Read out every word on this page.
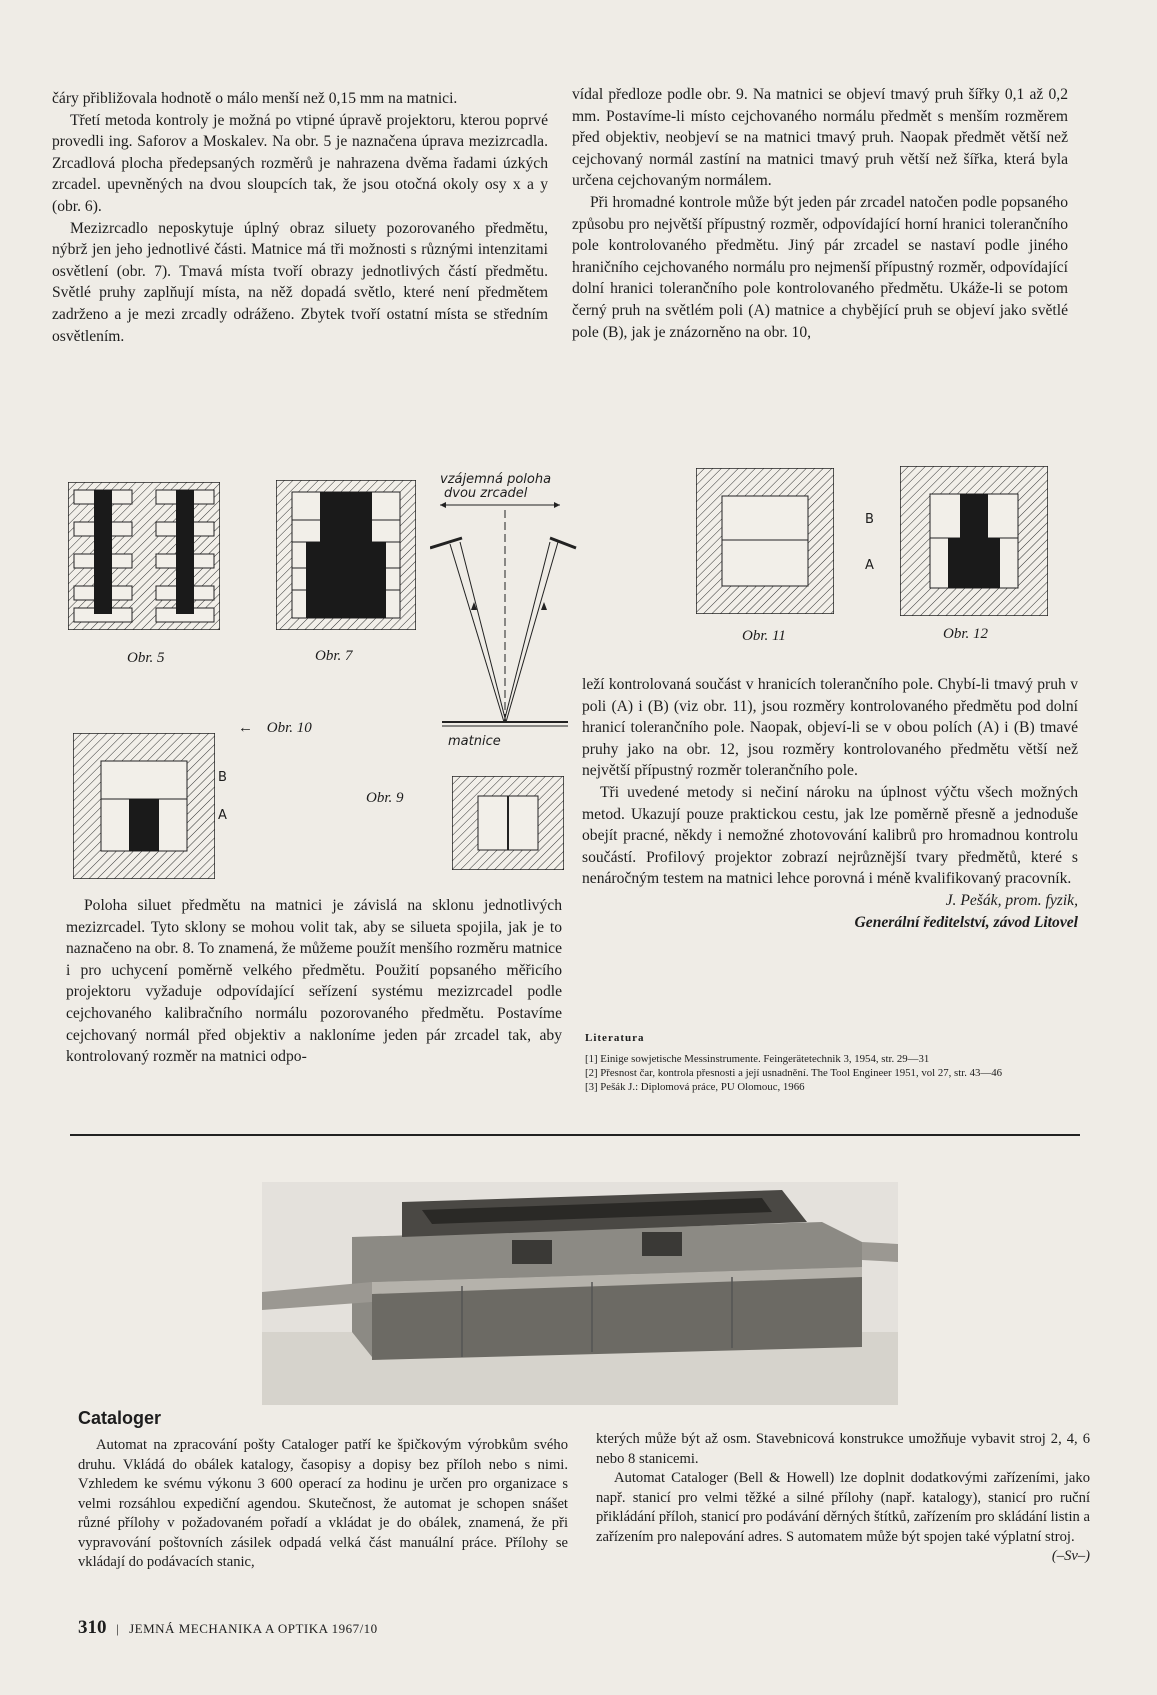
čáry přibližovala hodnotě o málo menší než 0,15 mm na matnici.

Třetí metoda kontroly je možná po vtipné úpravě projektoru, kterou poprvé provedli ing. Saforov a Moskalev. Na obr. 5 je naznačena úprava mezizrcadla. Zrcadlová plocha předepsaných rozměrů je nahrazena dvěma řadami úzkých zrcadel. upevněných na dvou sloupcích tak, že jsou otočná okoly osy x a y (obr. 6).

Mezizrcadlo neposkytuje úplný obraz siluety pozorovaného předmětu, nýbrž jen jeho jednotlivé části. Matnice má tři možnosti s různými intenzitami osvětlení (obr. 7). Tmavá místa tvoří obrazy jednotlivých částí předmětu. Světlé pruhy zaplňují místa, na něž dopadá světlo, které není předmětem zadrženo a je mezi zrcadly odráženo. Zbytek tvoří ostatní místa se středním osvětlením.

vídal předloze podle obr. 9. Na matnici se objeví tmavý pruh šířky 0,1 až 0,2 mm. Postavíme-li místo cejchovaného normálu předmět s menším rozměrem před objektiv, neobjeví se na matnici tmavý pruh. Naopak předmět větší než cejchovaný normál zastíní na matnici tmavý pruh větší než šířka, která byla určena cejchovaným normálem.

Při hromadné kontrole může být jeden pár zrcadel natočen podle popsaného způsobu pro největší přípustný rozměr, odpovídající horní hranici tolerančního pole kontrolovaného předmětu. Jiný pár zrcadel se nastaví podle jiného hraničního cejchovaného normálu pro nejmenší přípustný rozměr, odpovídající dolní hranici tolerančního pole kontrolovaného předmětu. Ukáže-li se potom černý pruh na světlém poli (A) matnice a chybějící pruh se objeví jako světlé pole (B), jak je znázorněno na obr. 10,

Obr. 5	Obr. 7
vzájemná poloha
dvou zrcadel
matnice
Obr. 9
B
A
← Obr. 10
B
A
Obr. 11	Obr. 12

leží kontrolovaná součást v hranicích tolerančního pole. Chybí-li tmavý pruh v poli (A) i (B) (viz obr. 11), jsou rozměry kontrolovaného předmětu pod dolní hranicí tolerančního pole. Naopak, objeví-li se v obou polích (A) i (B) tmavé pruhy jako na obr. 12, jsou rozměry kontrolovaného předmětu větší než největší přípustný rozměr tolerančního pole.

Tři uvedené metody si nečiní nároku na úplnost výčtu všech možných metod. Ukazují pouze praktickou cestu, jak lze poměrně přesně a jednoduše obejít pracné, někdy i nemožné zhotovování kalibrů pro hromadnou kontrolu součástí. Profilový projektor zobrazí nejrůznější tvary předmětů, které s nenáročným testem na matnici lehce porovná i méně kvalifikovaný pracovník.

J. Pešák, prom. fyzik,

Generální ředitelství, závod Litovel

Poloha siluet předmětu na matnici je závislá na sklonu jednotlivých mezizrcadel. Tyto sklony se mohou volit tak, aby se silueta spojila, jak je to naznačeno na obr. 8. To znamená, že můžeme použít menšího rozměru matnice i pro uchycení poměrně velkého předmětu. Použití popsaného měřicího projektoru vyžaduje odpovídající seřízení systému mezizrcadel podle cejchovaného kalibračního normálu pozorovaného předmětu. Postavíme cejchovaný normál před objektiv a nakloníme jeden pár zrcadel tak, aby kontrolovaný rozměr na matnici odpo-

Literatura

[1] Einige sowjetische Messinstrumente. Feingerätetechnik 3, 1954, str. 29—31

[2] Přesnost čar, kontrola přesnosti a její usnadnění. The Tool Engineer 1951, vol 27, str. 43—46

[3] Pešák J.: Diplomová práce, PU Olomouc, 1966

Cataloger

Automat na zpracování pošty Cataloger patří ke špičkovým výrobkům svého druhu. Vkládá do obálek katalogy, časopisy a dopisy bez příloh nebo s nimi. Vzhledem ke svému výkonu 3 600 operací za hodinu je určen pro organizace s velmi rozsáhlou expediční agendou. Skutečnost, že automat je schopen snášet různé přílohy v požadovaném pořadí a vkládat je do obálek, znamená, že při vypravování poštovních zásilek odpadá velká část manuální práce. Přílohy se vkládají do podávacích stanic,

kterých může být až osm. Stavebnicová konstrukce umožňuje vybavit stroj 2, 4, 6 nebo 8 stanicemi.

Automat Cataloger (Bell & Howell) lze doplnit dodatkovými zařízeními, jako např. stanicí pro velmi těžké a silné přílohy (např. katalogy), stanicí pro ruční přikládání příloh, stanicí pro podávání děrných štítků, zařízením pro skládání listin a zařízením pro nalepování adres. S automatem může být spojen také výplatní stroj.

(–Sv–)

310 | JEMNÁ MECHANIKA A OPTIKA 1967/10
